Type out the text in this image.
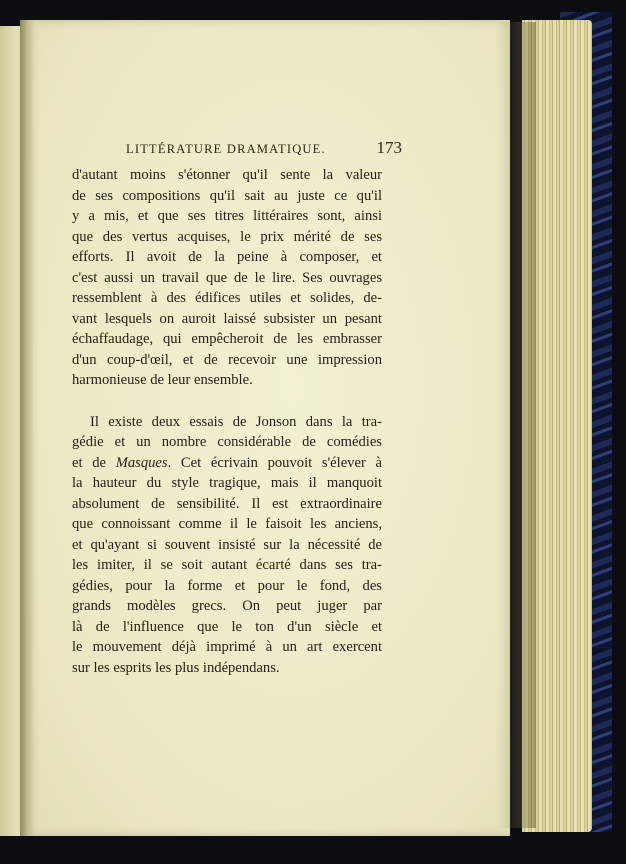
LITTÉRATURE DRAMATIQUE.	173
d'autant moins s'étonner qu'il sente la valeur
de ses compositions qu'il sait au juste ce qu'il
y a mis, et que ses titres littéraires sont, ainsi
que des vertus acquises, le prix mérité de ses
efforts. Il avoit de la peine à composer, et
c'est aussi un travail que de le lire. Ses ouvrages
ressemblent à des édifices utiles et solides, de-
vant lesquels on auroit laissé subsister un pesant
échaffaudage, qui empêcheroit de les embrasser
d'un coup-d'œil, et de recevoir une impression
harmonieuse de leur ensemble.
Il existe deux essais de Jonson dans la tra-
gédie et un nombre considérable de comédies
et de Masques. Cet écrivain pouvoit s'élever à
la hauteur du style tragique, mais il manquoit
absolument de sensibilité. Il est extraordinaire
que connoissant comme il le faisoit les anciens,
et qu'ayant si souvent insisté sur la nécessité de
les imiter, il se soit autant écarté dans ses tra-
gédies, pour la forme et pour le fond, des
grands modèles grecs. On peut juger par
là de l'influence que le ton d'un siècle et
le mouvement déjà imprimé à un art exercent
sur les esprits les plus indépendans.
